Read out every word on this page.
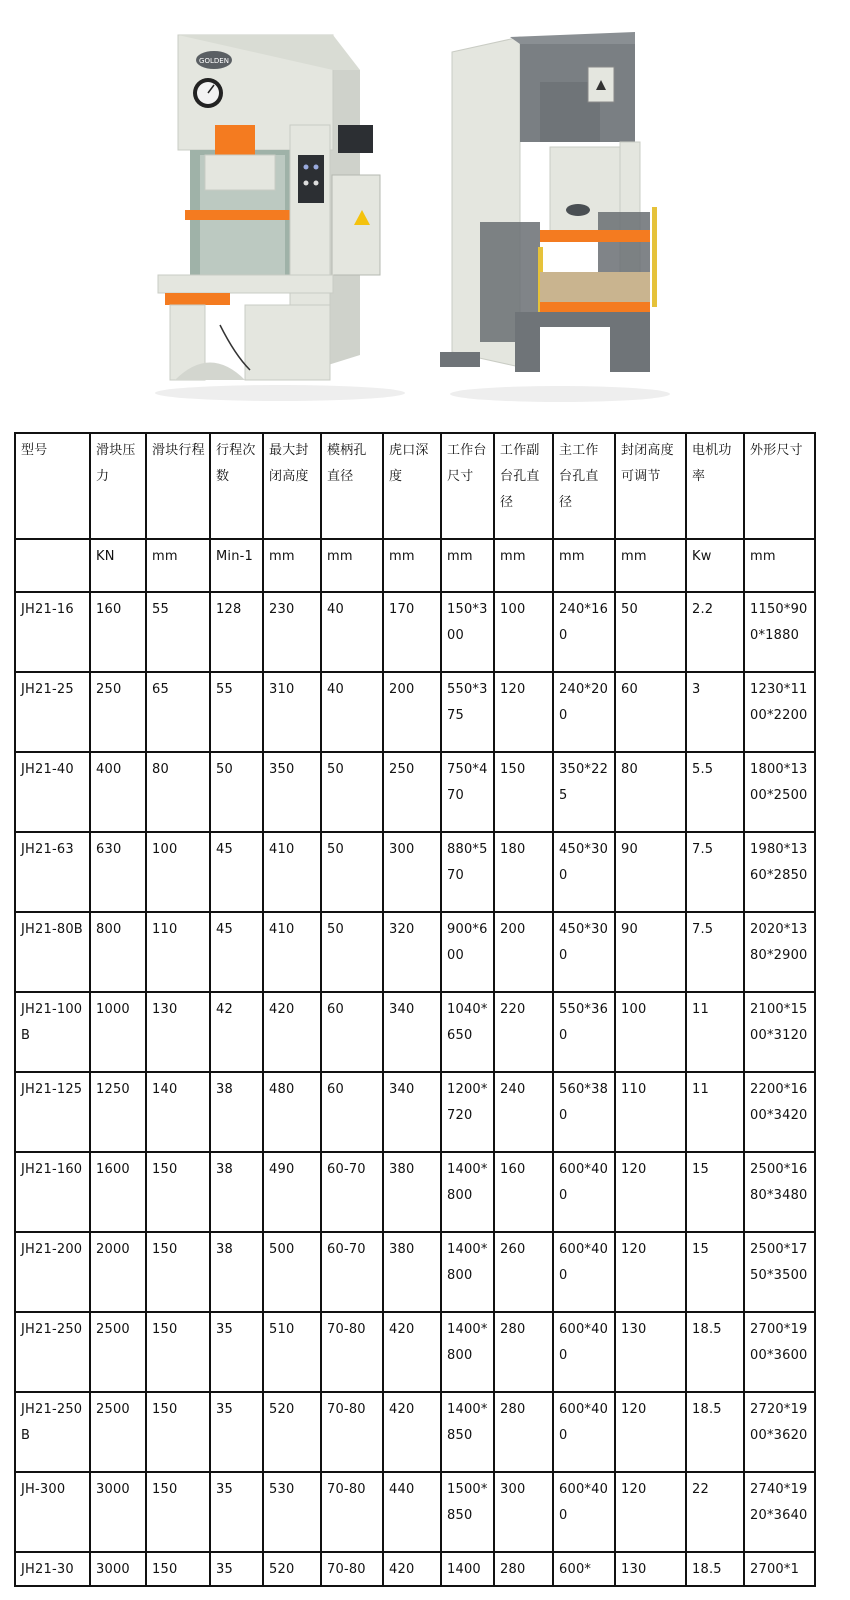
GOLDEN
型号	滑块压力	滑块行程	行程次数	最大封闭高度	模柄孔直径	虎口深度	工作台尺寸	工作副台孔直径	主工作台孔直径	封闭高度可调节	电机功率	外形尺寸
	KN	mm	Min-1	mm	mm	mm	mm	mm	mm	mm	Kw	mm
JH21-16	160	55	128	230	40	170	150*300	100	240*160	50	2.2	1150*900*1880
JH21-25	250	65	55	310	40	200	550*375	120	240*200	60	3	1230*1100*2200
JH21-40	400	80	50	350	50	250	750*470	150	350*225	80	5.5	1800*1300*2500
JH21-63	630	100	45	410	50	300	880*570	180	450*300	90	7.5	1980*1360*2850
JH21-80B	800	110	45	410	50	320	900*600	200	450*300	90	7.5	2020*1380*2900
JH21-100B	1000	130	42	420	60	340	1040*650	220	550*360	100	11	2100*1500*3120
JH21-125	1250	140	38	480	60	340	1200*720	240	560*380	110	11	2200*1600*3420
JH21-160	1600	150	38	490	60-70	380	1400*800	160	600*400	120	15	2500*1680*3480
JH21-200	2000	150	38	500	60-70	380	1400*800	260	600*400	120	15	2500*1750*3500
JH21-250	2500	150	35	510	70-80	420	1400*800	280	600*400	130	18.5	2700*1900*3600
JH21-250B	2500	150	35	520	70-80	420	1400*850	280	600*400	120	18.5	2720*1900*3620
JH-300	3000	150	35	530	70-80	440	1500*850	300	600*400	120	22	2740*1920*3640
JH21-30	3000	150	35	520	70-80	420	1400	280	600*	130	18.5	2700*1
